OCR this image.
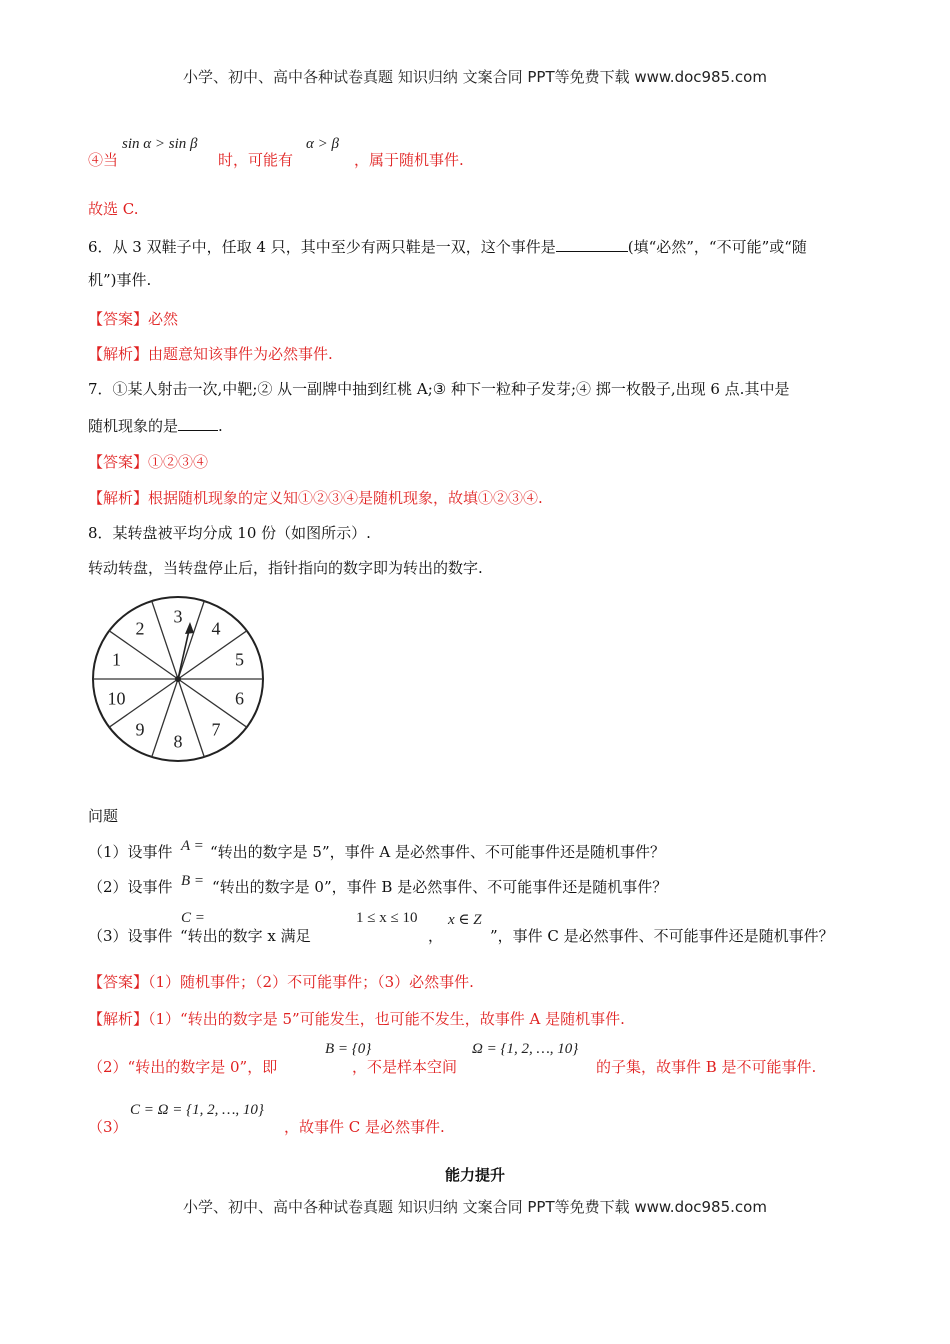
小学、初中、高中各种试卷真题 知识归纳 文案合同 PPT等免费下载 www.doc985.com
④当
sin α > sin β
时，可能有
α > β
，属于随机事件.
故选 C.
6．从 3 双鞋子中，任取 4 只，其中至少有两只鞋是一双，这个事件是	(填“必然”，“不可能”或“随
机”)事件.
【答案】必然
【解析】由题意知该事件为必然事件.
7．①某人射击一次,中靶;② 从一副牌中抽到红桃 A;③ 种下一粒种子发芽;④ 掷一枚骰子,出现 6 点.其中是
随机现象的是	.
【答案】①②③④
【解析】根据随机现象的定义知①②③④是随机现象，故填①②③④.
8．某转盘被平均分成 10 份（如图所示）.
转动转盘，当转盘停止后，指针指向的数字即为转出的数字.
3
4
5
6
7
8
9
10
1
2
问题
（1）设事件 A = “转出的数字是 5”，事件 A 是必然事件、不可能事件还是随机事件？
（2）设事件 B = “转出的数字是 0”，事件 B 是必然事件、不可能事件还是随机事件？
（3）设事件
C =
“转出的数字 x 满足
1 ≤ x ≤ 10
，
x ∈ Z
”，事件 C 是必然事件、不可能事件还是随机事件？
【答案】（1）随机事件；（2）不可能事件；（3）必然事件.
【解析】（1）“转出的数字是 5”可能发生，也可能不发生，故事件 A 是随机事件.
（2）“转出的数字是 0”，即
B = {0}
，不是样本空间
Ω = {1, 2, …, 10}
的子集，故事件 B 是不可能事件.
（3）
C = Ω = {1, 2, …, 10}
，故事件 C 是必然事件.
能力提升
小学、初中、高中各种试卷真题 知识归纳 文案合同 PPT等免费下载 www.doc985.com
